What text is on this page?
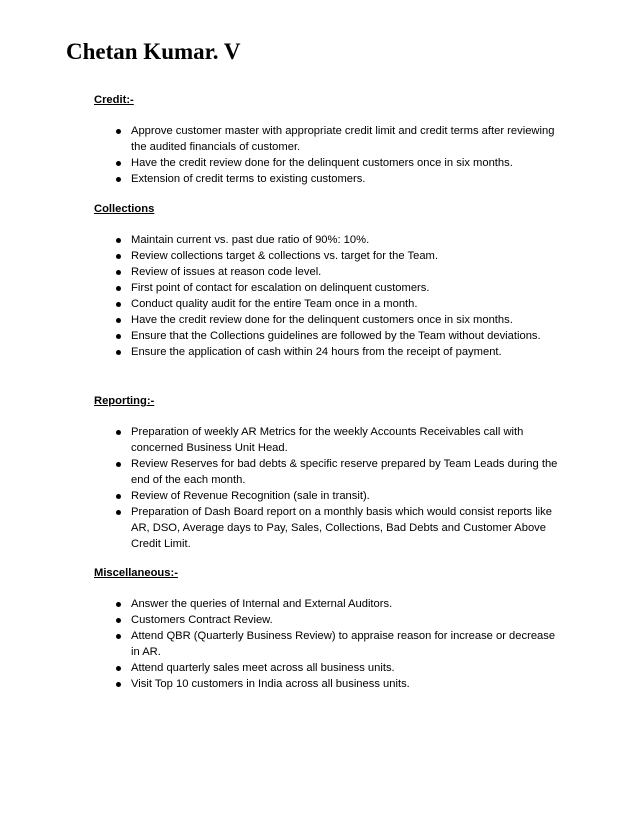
Chetan Kumar. V
Credit:-
Approve customer master with appropriate credit limit and credit terms after reviewing the audited financials of customer.
Have the credit review done for the delinquent customers once in six months.
Extension of credit terms to existing customers.
Collections
Maintain current vs. past due ratio of 90%: 10%.
Review collections target & collections vs. target for the Team.
Review of issues at reason code level.
First point of contact for escalation on delinquent customers.
Conduct quality audit for the entire Team once in a month.
Have the credit review done for the delinquent customers once in six months.
Ensure that the Collections guidelines are followed by the Team without deviations.
Ensure the application of cash within 24 hours from the receipt of payment.
Reporting:-
Preparation of weekly AR Metrics for the weekly Accounts Receivables call with concerned Business Unit Head.
Review Reserves for bad debts & specific reserve prepared by Team Leads during the end of the each month.
Review of Revenue Recognition (sale in transit).
Preparation of Dash Board report on a monthly basis which would consist reports like AR, DSO, Average days to Pay, Sales, Collections, Bad Debts and Customer Above Credit Limit.
Miscellaneous:-
Answer the queries of Internal and External Auditors.
Customers Contract Review.
Attend QBR (Quarterly Business Review) to appraise reason for increase or decrease in AR.
Attend quarterly sales meet across all business units.
Visit Top 10 customers in India across all business units.
